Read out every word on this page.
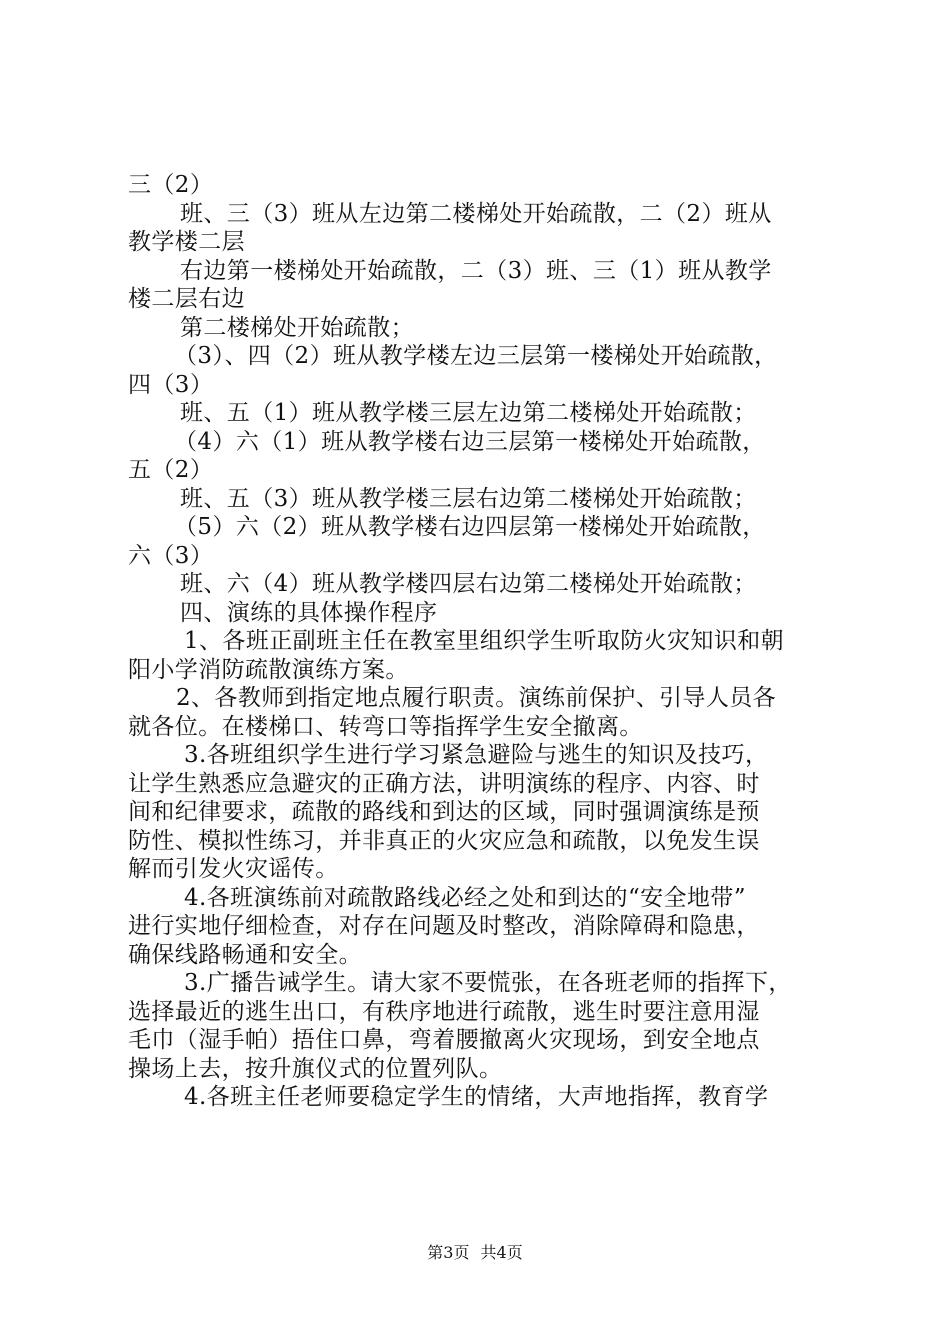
三（2）
班、三（3）班从左边第二楼梯处开始疏散，二（2）班从
教学楼二层
右边第一楼梯处开始疏散，二（3）班、三（1）班从教学
楼二层右边
第二楼梯处开始疏散；
（3）、四（2）班从教学楼左边三层第一楼梯处开始疏散，
四（3）
班、五（1）班从教学楼三层左边第二楼梯处开始疏散；
（4）六（1）班从教学楼右边三层第一楼梯处开始疏散，
五（2）
班、五（3）班从教学楼三层右边第二楼梯处开始疏散；
（5）六（2）班从教学楼右边四层第一楼梯处开始疏散，
六（3）
班、六（4）班从教学楼四层右边第二楼梯处开始疏散；
四、演练的具体操作程序
1、各班正副班主任在教室里组织学生听取防火灾知识和朝
阳小学消防疏散演练方案。
2、各教师到指定地点履行职责。演练前保护、引导人员各
就各位。在楼梯口、转弯口等指挥学生安全撤离。
3.各班组织学生进行学习紧急避险与逃生的知识及技巧，
让学生熟悉应急避灾的正确方法，讲明演练的程序、内容、时
间和纪律要求，疏散的路线和到达的区域，同时强调演练是预
防性、模拟性练习，并非真正的火灾应急和疏散，以免发生误
解而引发火灾谣传。
4.各班演练前对疏散路线必经之处和到达的“安全地带”
进行实地仔细检查，对存在问题及时整改，消除障碍和隐患，
确保线路畅通和安全。
3.广播告诫学生。请大家不要慌张，在各班老师的指挥下，
选择最近的逃生出口，有秩序地进行疏散，逃生时要注意用湿
毛巾（湿手帕）捂住口鼻，弯着腰撤离火灾现场，到安全地点
操场上去，按升旗仪式的位置列队。
4.各班主任老师要稳定学生的情绪，大声地指挥，教育学
第3页 共4页
